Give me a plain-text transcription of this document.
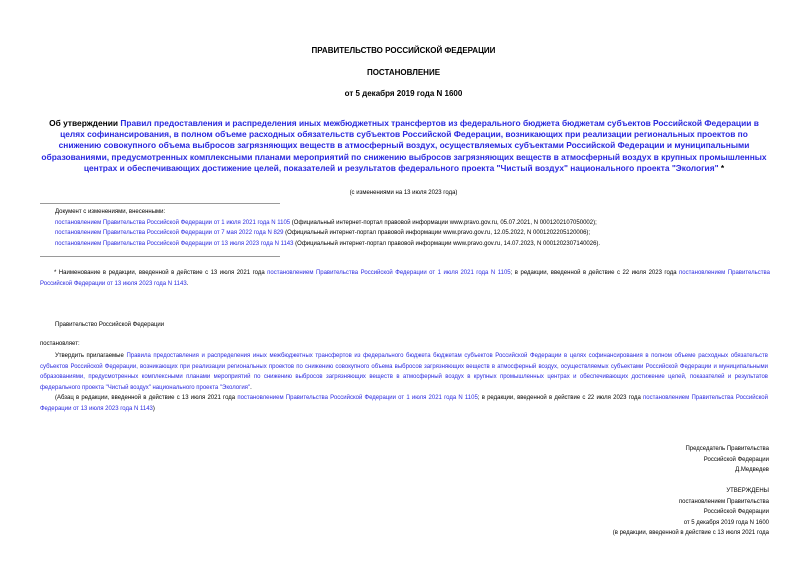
ПРАВИТЕЛЬСТВО РОССИЙСКОЙ ФЕДЕРАЦИИ
ПОСТАНОВЛЕНИЕ
от 5 декабря 2019 года N 1600
Об утверждении Правил предоставления и распределения иных межбюджетных трансфертов из федерального бюджета бюджетам субъектов Российской Федерации в целях софинансирования, в полном объеме расходных обязательств субъектов Российской Федерации, возникающих при реализации региональных проектов по снижению совокупного объема выбросов загрязняющих веществ в атмосферный воздух, осуществляемых субъектами Российской Федерации и муниципальными образованиями, предусмотренных комплексными планами мероприятий по снижению выбросов загрязняющих веществ в атмосферный воздух в крупных промышленных центрах и обеспечивающих достижение целей, показателей и результатов федерального проекта "Чистый воздух" национального проекта "Экология" *
(с изменениями на 13 июля 2023 года)
Документ с изменениями, внесенными:
постановлением Правительства Российской Федерации от 1 июля 2021 года N 1105 (Официальный интернет-портал правовой информации www.pravo.gov.ru, 05.07.2021, N 0001202107050002);
постановлением Правительства Российской Федерации от 7 мая 2022 года N 829 (Официальный интернет-портал правовой информации www.pravo.gov.ru, 12.05.2022, N 0001202205120006);
постановлением Правительства Российской Федерации от 13 июля 2023 года N 1143 (Официальный интернет-портал правовой информации www.pravo.gov.ru, 14.07.2023, N 0001202307140026).
* Наименование в редакции, введенной в действие с 13 июля 2021 года постановлением Правительства Российской Федерации от 1 июля 2021 года N 1105; в редакции, введенной в действие с 22 июля 2023 года постановлением Правительства Российской Федерации от 13 июля 2023 года N 1143.
Правительство Российской Федерации
постановляет:
Утвердить прилагаемые Правила предоставления и распределения иных межбюджетных трансфертов из федерального бюджета бюджетам субъектов Российской Федерации в целях софинансирования в полном объеме расходных обязательств субъектов Российской Федерации, возникающих при реализации региональных проектов по снижению совокупного объема выбросов загрязняющих веществ в атмосферный воздух, осуществляемых субъектами Российской Федерации и муниципальными образованиями, предусмотренных комплексными планами мероприятий по снижению выбросов загрязняющих веществ в атмосферный воздух в крупных промышленных центрах и обеспечивающих достижение целей, показателей и результатов федерального проекта "Чистый воздух" национального проекта "Экология".
(Абзац в редакции, введенной в действие с 13 июля 2021 года постановлением Правительства Российской Федерации от 1 июля 2021 года N 1105; в редакции, введенной в действие с 22 июля 2023 года постановлением Правительства Российской Федерации от 13 июля 2023 года N 1143)
Председатель Правительства
Российской Федерации
Д.Медведев
УТВЕРЖДЕНЫ
постановлением Правительства
Российской Федерации
от 5 декабря 2019 года N 1600
(в редакции, введенной в действие с 13 июля 2021 года
